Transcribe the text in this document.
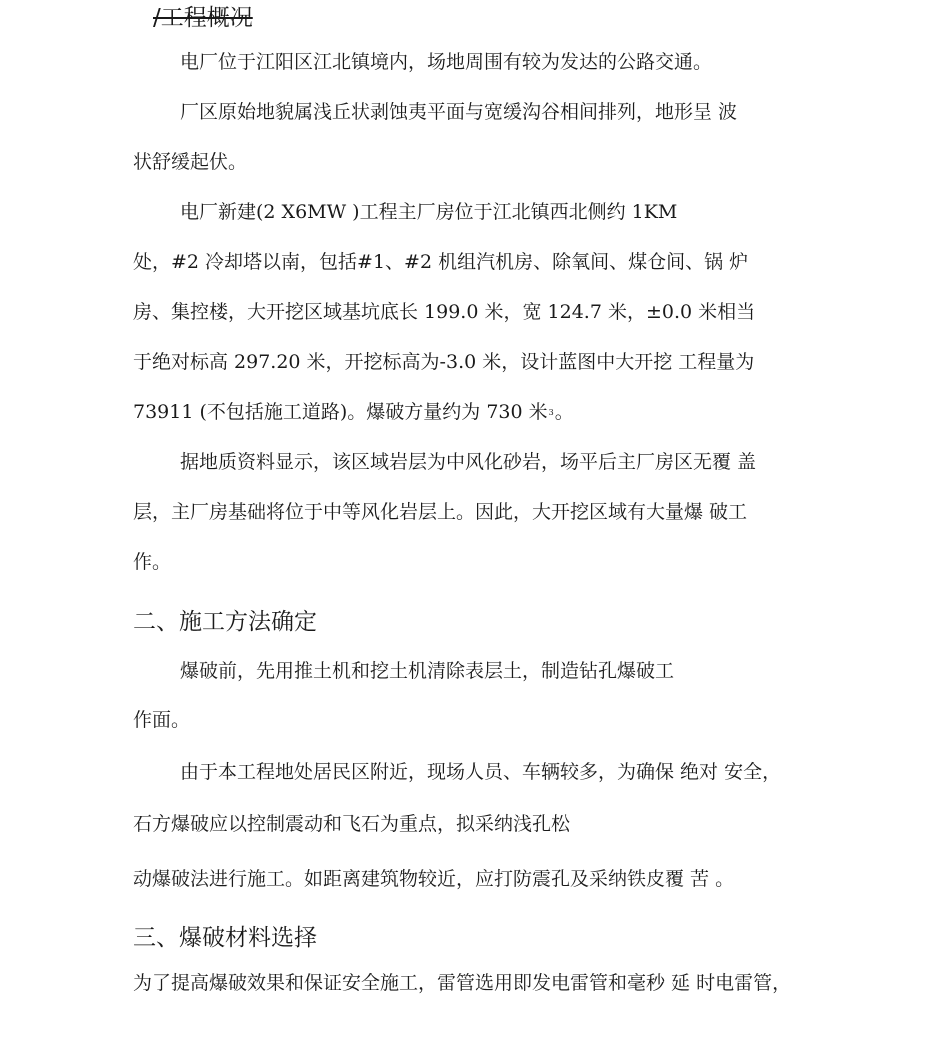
/工程概况
电厂位于江阳区江北镇境内，场地周围有较为发达的公路交通。
厂区原始地貌属浅丘状剥蚀夷平面与宽缓沟谷相间排列，地形呈 波
状舒缓起伏。
电厂新建(2 X6MW )工程主厂房位于江北镇西北侧约 1KM
处，#2 冷却塔以南，包括#1、#2 机组汽机房、除氧间、煤仓间、锅 炉
房、集控楼，大开挖区域基坑底长 199.0 米，宽 124.7 米，±0.0 米相当
于绝对标高 297.20 米，开挖标高为-3.0 米，设计蓝图中大开挖 工程量为
73911 (不包括施工道路)。爆破方量约为 730 米3。
据地质资料显示，该区域岩层为中风化砂岩，场平后主厂房区无覆 盖
层，主厂房基础将位于中等风化岩层上。因此，大开挖区域有大量爆 破工
作。
二、施工方法确定
爆破前，先用推土机和挖土机清除表层土，制造钻孔爆破工
作面。
由于本工程地处居民区附近，现场人员、车辆较多，为确保 绝对 安全，
石方爆破应以控制震动和飞石为重点，拟采纳浅孔松
动爆破法进行施工。如距离建筑物较近，应打防震孔及采纳铁皮覆 苦 。
三、爆破材料选择
为了提高爆破效果和保证安全施工，雷管选用即发电雷管和毫秒 延 时电雷管，
